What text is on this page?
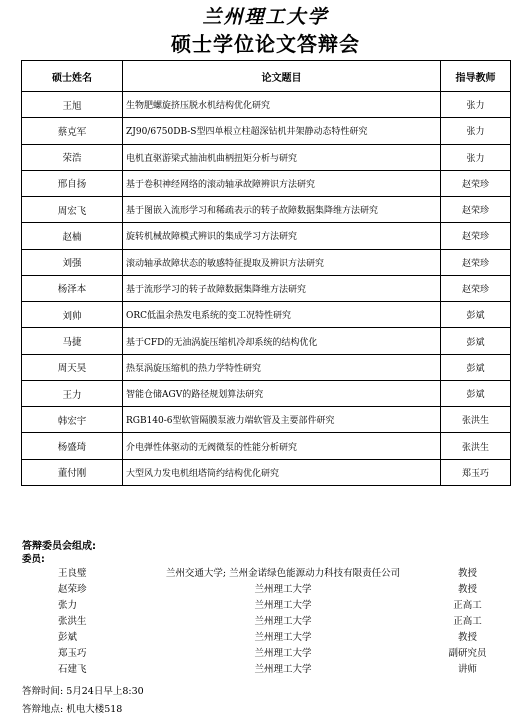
兰州理工大学
硕士学位论文答辩会
硕士姓名	论文题目	指导教师
王旭	生物肥螺旋挤压脱水机结构优化研究	张力
蔡克军	ZJ90/6750DB-S型四单根立柱超深钻机井架静动态特性研究	张力
荣浩	电机直驱游梁式抽油机曲柄扭矩分析与研究	张力
邢自扬	基于卷积神经网络的滚动轴承故障辨识方法研究	赵荣珍
周宏飞	基于图嵌入流形学习和稀疏表示的转子故障数据集降维方法研究	赵荣珍
赵楠	旋转机械故障模式辨识的集成学习方法研究	赵荣珍
刘强	滚动轴承故障状态的敏感特征提取及辨识方法研究	赵荣珍
杨泽本	基于流形学习的转子故障数据集降维方法研究	赵荣珍
刘帅	ORC低温余热发电系统的变工况特性研究	彭斌
马捷	基于CFD的无油涡旋压缩机冷却系统的结构优化	彭斌
周天昊	热泵涡旋压缩机的热力学特性研究	彭斌
王力	智能仓储AGV的路径规划算法研究	彭斌
韩宏宇	RGB140-6型软管隔膜泵液力端软管及主要部件研究	张洪生
杨盛琦	介电弹性体驱动的无阀微泵的性能分析研究	张洪生
董付刚	大型风力发电机组塔筒约结构优化研究	郑玉巧
答辩委员会组成:
委员:
王良璧	兰州交通大学; 兰州金诺绿色能源动力科技有限责任公司	教授
赵荣珍	兰州理工大学	教授
张力	兰州理工大学	正高工
张洪生	兰州理工大学	正高工
彭斌	兰州理工大学	教授
郑玉巧	兰州理工大学	副研究员
石建飞	兰州理工大学	讲师
答辩时间: 5月24日早上8:30
答辩地点: 机电大楼518
